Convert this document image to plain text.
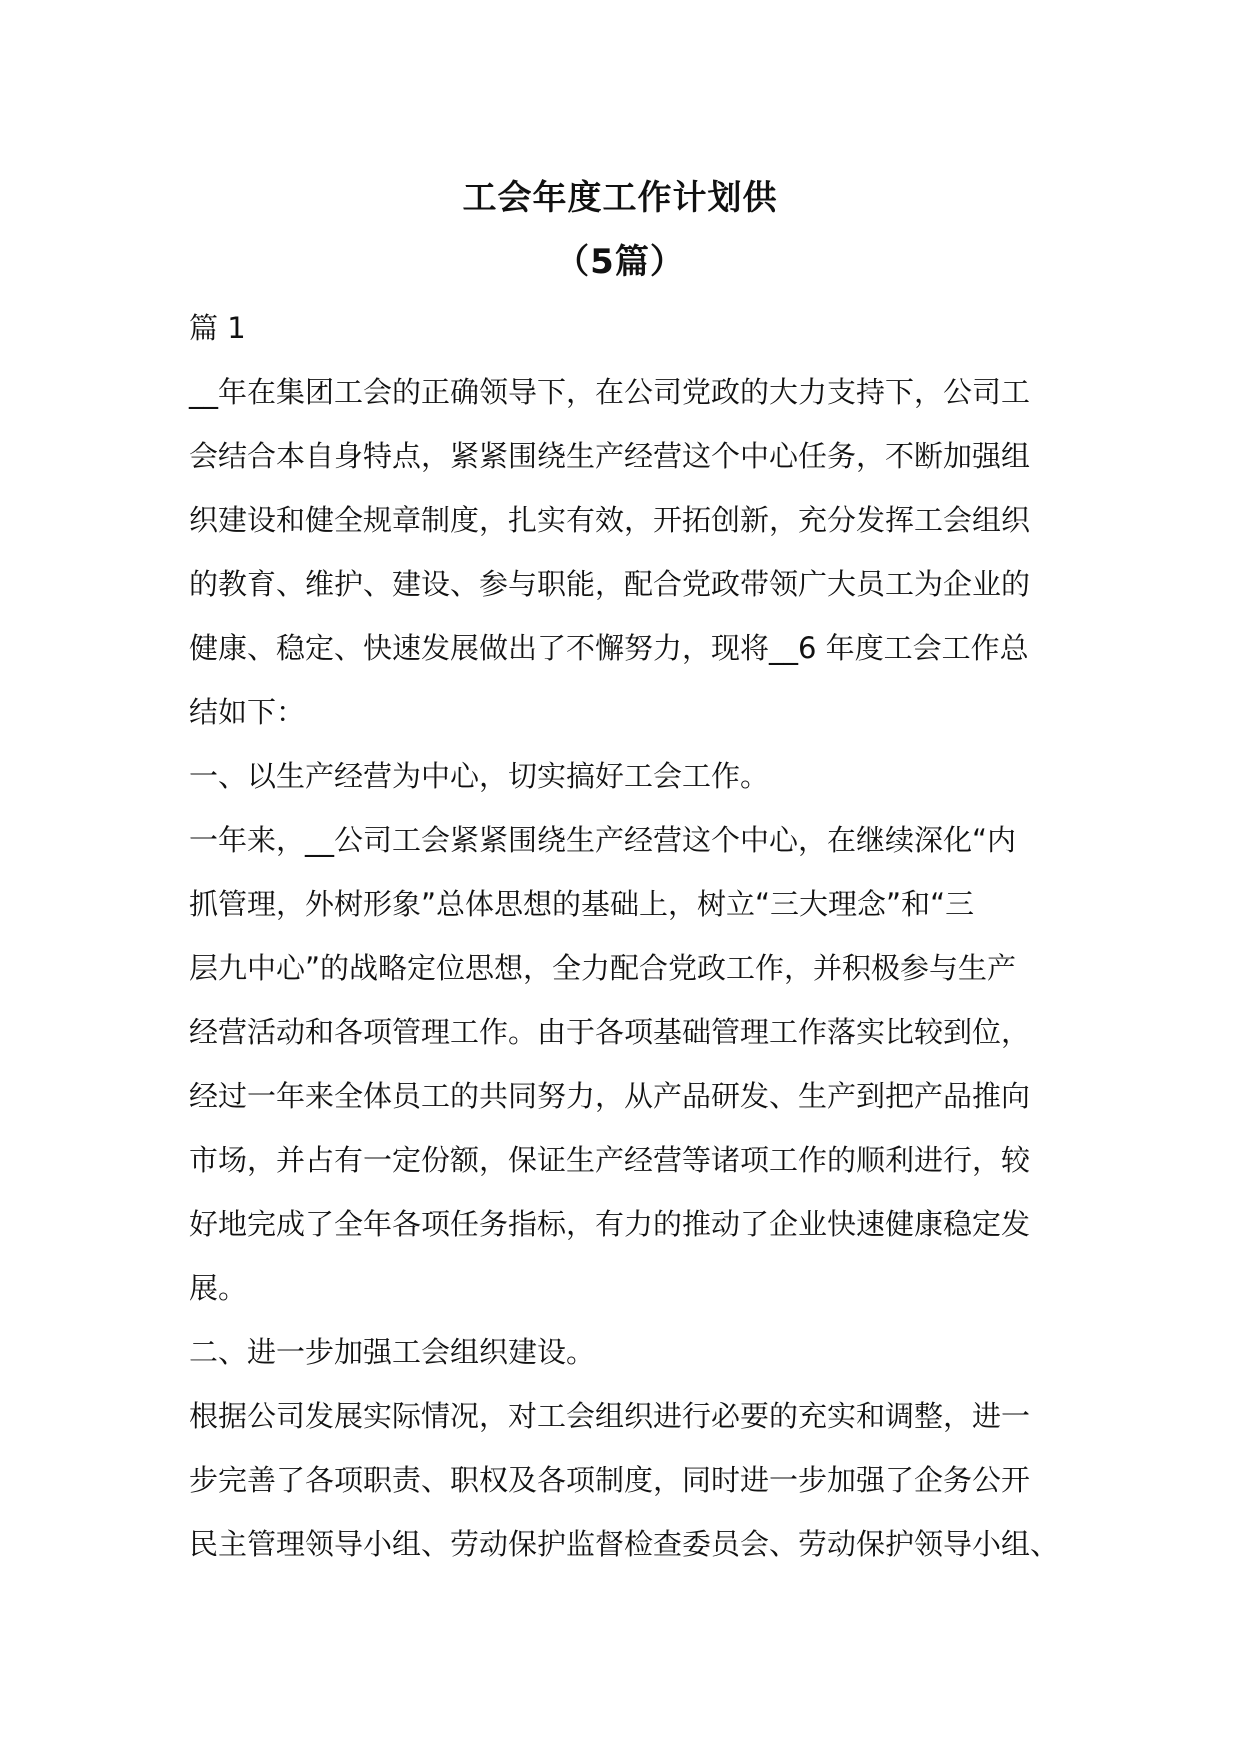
工会年度工作计划供
（5篇）

篇 1

__年在集团工会的正确领导下，在公司党政的大力支持下，公司工

会结合本自身特点，紧紧围绕生产经营这个中心任务，不断加强组

织建设和健全规章制度，扎实有效，开拓创新，充分发挥工会组织

的教育、维护、建设、参与职能，配合党政带领广大员工为企业的

健康、稳定、快速发展做出了不懈努力，现将__6 年度工会工作总

结如下：

一、以生产经营为中心，切实搞好工会工作。

一年来，__公司工会紧紧围绕生产经营这个中心，在继续深化“内

抓管理，外树形象”总体思想的基础上，树立“三大理念”和“三

层九中心”的战略定位思想，全力配合党政工作，并积极参与生产

经营活动和各项管理工作。由于各项基础管理工作落实比较到位，

经过一年来全体员工的共同努力，从产品研发、生产到把产品推向

市场，并占有一定份额，保证生产经营等诸项工作的顺利进行，较

好地完成了全年各项任务指标，有力的推动了企业快速健康稳定发

展。

二、进一步加强工会组织建设。

根据公司发展实际情况，对工会组织进行必要的充实和调整，进一

步完善了各项职责、职权及各项制度，同时进一步加强了企务公开

民主管理领导小组、劳动保护监督检查委员会、劳动保护领导小组、
